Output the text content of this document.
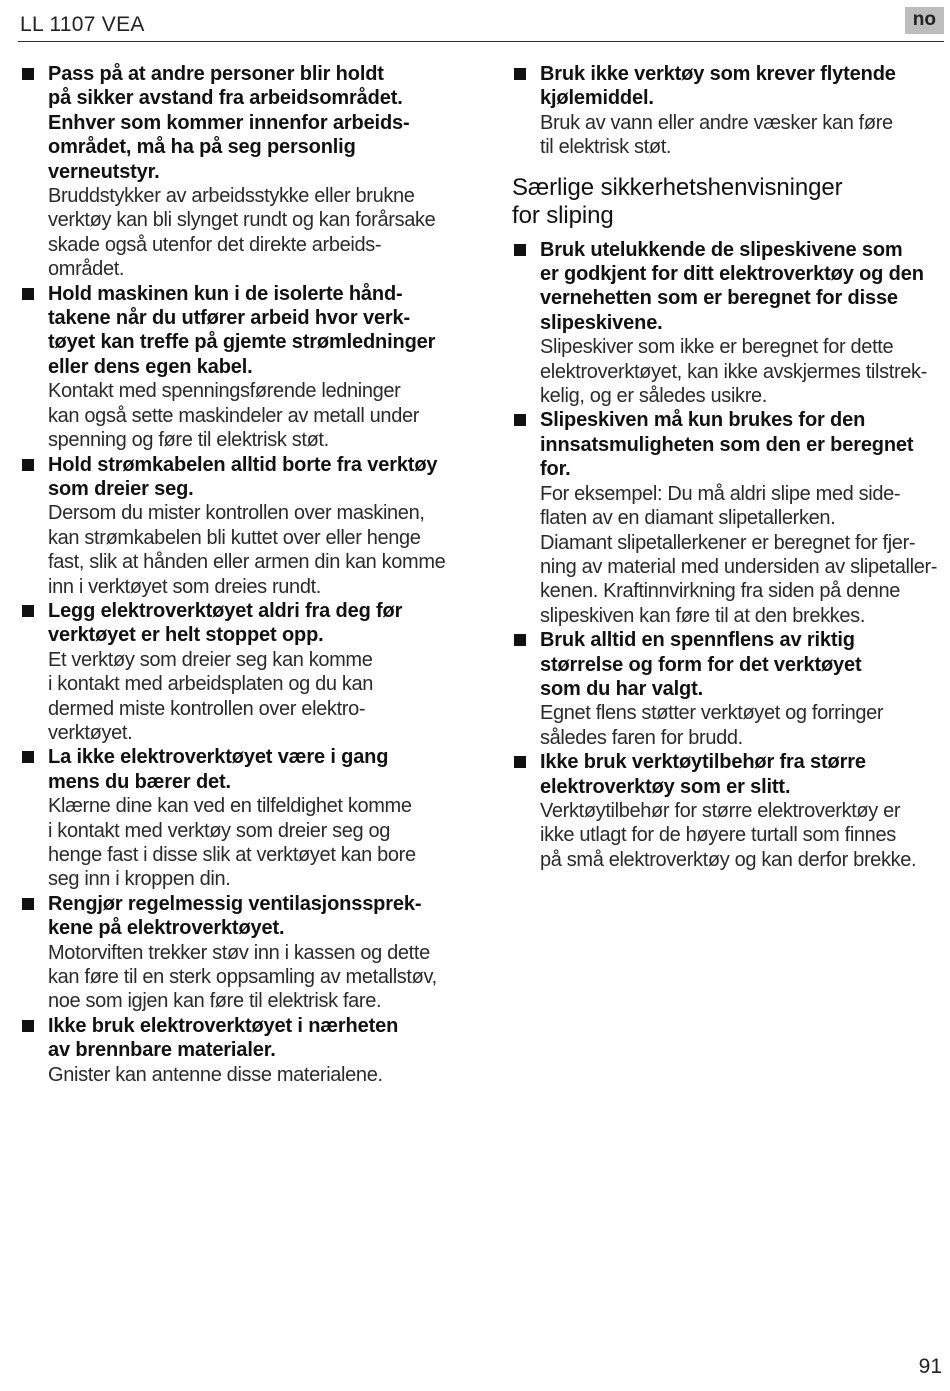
LL 1107 VEA	no
Pass på at andre personer blir holdt
på sikker avstand fra arbeidsområdet.
Enhver som kommer innenfor arbeids-
området, må ha på seg personlig
verneutstyr.
Bruddstykker av arbeidsstykke eller brukne
verktøy kan bli slynget rundt og kan forårsake
skade også utenfor det direkte arbeids-
området.
Hold maskinen kun i de isolerte hånd-
takene når du utfører arbeid hvor verk-
tøyet kan treffe på gjemte strømledninger
eller dens egen kabel.
Kontakt med spenningsførende ledninger
kan også sette maskindeler av metall under
spenning og føre til elektrisk støt.
Hold strømkabelen alltid borte fra verktøy
som dreier seg.
Dersom du mister kontrollen over maskinen,
kan strømkabelen bli kuttet over eller henge
fast, slik at hånden eller armen din kan komme
inn i verktøyet som dreies rundt.
Legg elektroverktøyet aldri fra deg før
verktøyet er helt stoppet opp.
Et verktøy som dreier seg kan komme
i kontakt med arbeidsplaten og du kan
dermed miste kontrollen over elektro-
verktøyet.
La ikke elektroverktøyet være i gang
mens du bærer det.
Klærne dine kan ved en tilfeldighet komme
i kontakt med verktøy som dreier seg og
henge fast i disse slik at verktøyet kan bore
seg inn i kroppen din.
Rengjør regelmessig ventilasjonssprek-
kene på elektroverktøyet.
Motorviften trekker støv inn i kassen og dette
kan føre til en sterk oppsamling av metallstøv,
noe som igjen kan føre til elektrisk fare.
Ikke bruk elektroverktøyet i nærheten
av brennbare materialer.
Gnister kan antenne disse materialene.
Bruk ikke verktøy som krever flytende
kjølemiddel.
Bruk av vann eller andre væsker kan føre
til elektrisk støt.
Særlige sikkerhetshenvisninger
for sliping
Bruk utelukkende de slipeskivene som
er godkjent for ditt elektroverktøy og den
vernehetten som er beregnet for disse
slipeskivene.
Slipeskiver som ikke er beregnet for dette
elektroverktøyet, kan ikke avskjermes tilstrek-
kelig, og er således usikre.
Slipeskiven må kun brukes for den
innsatsmuligheten som den er beregnet
for.
For eksempel: Du må aldri slipe med side-
flaten av en diamant slipetallerken.
Diamant slipetallerkener er beregnet for fjer-
ning av material med undersiden av slipetaller-
kenen. Kraftinnvirkning fra siden på denne
slipeskiven kan føre til at den brekkes.
Bruk alltid en spennflens av riktig
størrelse og form for det verktøyet
som du har valgt.
Egnet flens støtter verktøyet og forringer
således faren for brudd.
Ikke bruk verktøytilbehør fra større
elektroverktøy som er slitt.
Verktøytilbehør for større elektroverktøy er
ikke utlagt for de høyere turtall som finnes
på små elektroverktøy og kan derfor brekke.
91
